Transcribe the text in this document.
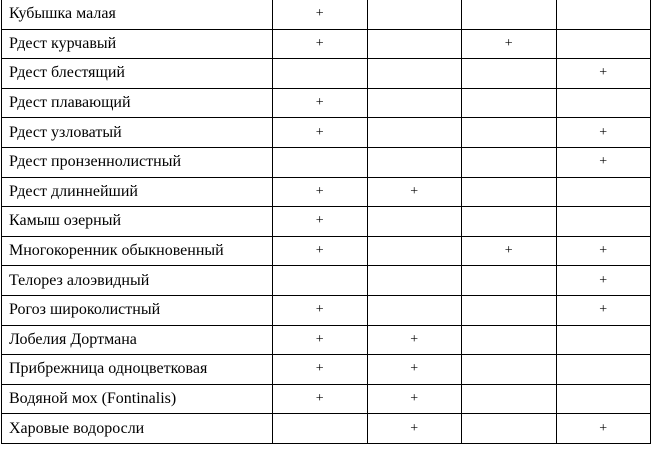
Кубышка малая	+			
Рдест курчавый	+		+	
Рдест блестящий				+
Рдест плавающий	+			
Рдест узловатый	+			+
Рдест пронзеннолистный				+
Рдест длиннейший	+	+		
Камыш озерный	+			
Многокоренник обыкновенный	+		+	+
Телорез алоэвидный				+
Рогоз широколистный	+			+
Лобелия Дортмана	+	+		
Прибрежница одноцветковая	+	+		
Водяной мох (Fontinalis)	+	+		
Харовые водоросли		+		+
